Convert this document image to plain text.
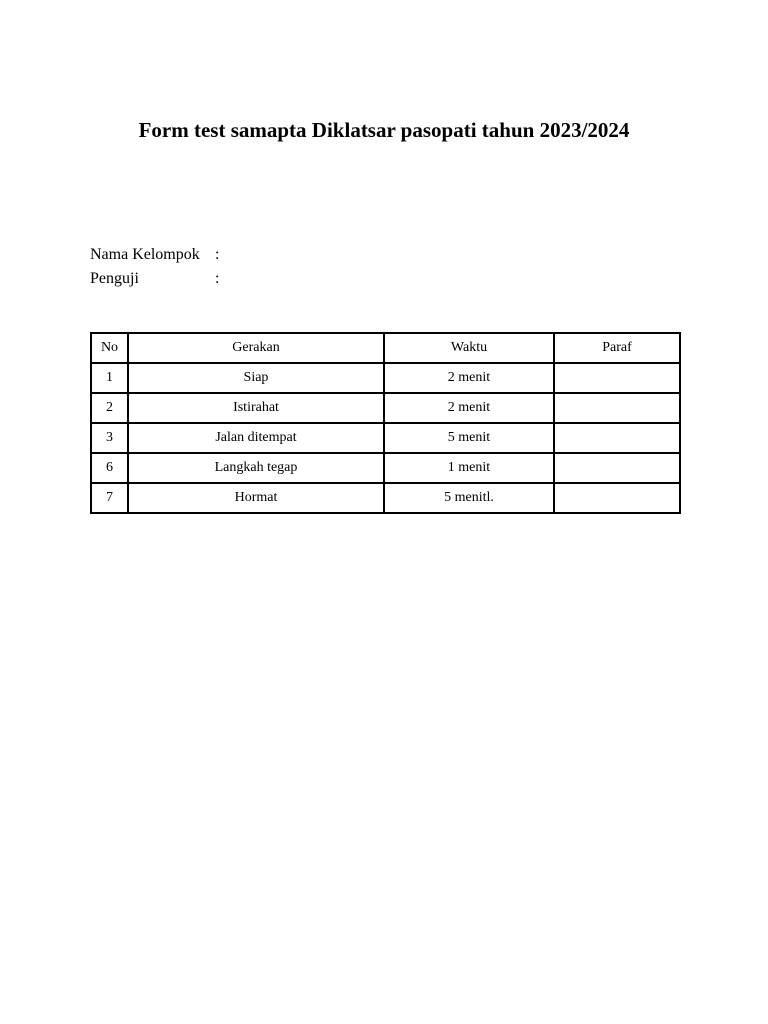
Form test samapta Diklatsar pasopati tahun 2023/2024
Nama Kelompok :
Penguji	:
No	Gerakan	Waktu	Paraf
1	Siap	2 menit	
2	Istirahat	2 menit	
3	Jalan ditempat	5 menit	
6	Langkah tegap	1 menit	
7	Hormat	5 menitl.	
